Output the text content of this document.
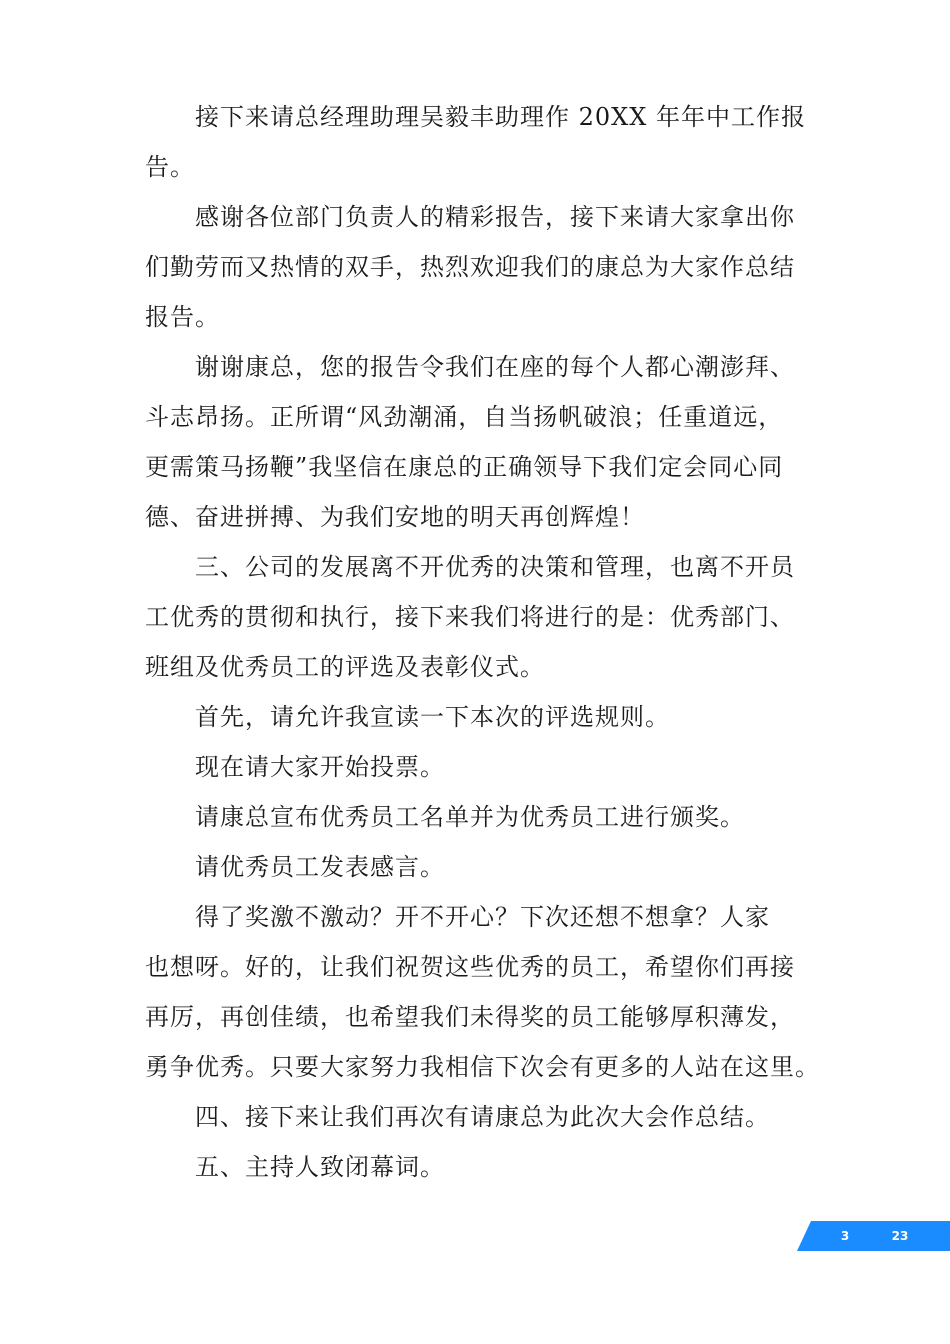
接下来请总经理助理吴毅丰助理作 20XX 年年中工作报
告。
感谢各位部门负责人的精彩报告，接下来请大家拿出你
们勤劳而又热情的双手，热烈欢迎我们的康总为大家作总结
报告。
谢谢康总，您的报告令我们在座的每个人都心潮澎拜、
斗志昂扬。正所谓“风劲潮涌，自当扬帆破浪；任重道远，
更需策马扬鞭”我坚信在康总的正确领导下我们定会同心同
德、奋进拼搏、为我们安地的明天再创辉煌！
三、公司的发展离不开优秀的决策和管理，也离不开员
工优秀的贯彻和执行，接下来我们将进行的是：优秀部门、
班组及优秀员工的评选及表彰仪式。
首先，请允许我宣读一下本次的评选规则。
现在请大家开始投票。
请康总宣布优秀员工名单并为优秀员工进行颁奖。
请优秀员工发表感言。
得了奖激不激动？开不开心？下次还想不想拿？人家
也想呀。好的，让我们祝贺这些优秀的员工，希望你们再接
再厉，再创佳绩，也希望我们未得奖的员工能够厚积薄发，
勇争优秀。只要大家努力我相信下次会有更多的人站在这里。
四、接下来让我们再次有请康总为此次大会作总结。
五、主持人致闭幕词。
3	23
